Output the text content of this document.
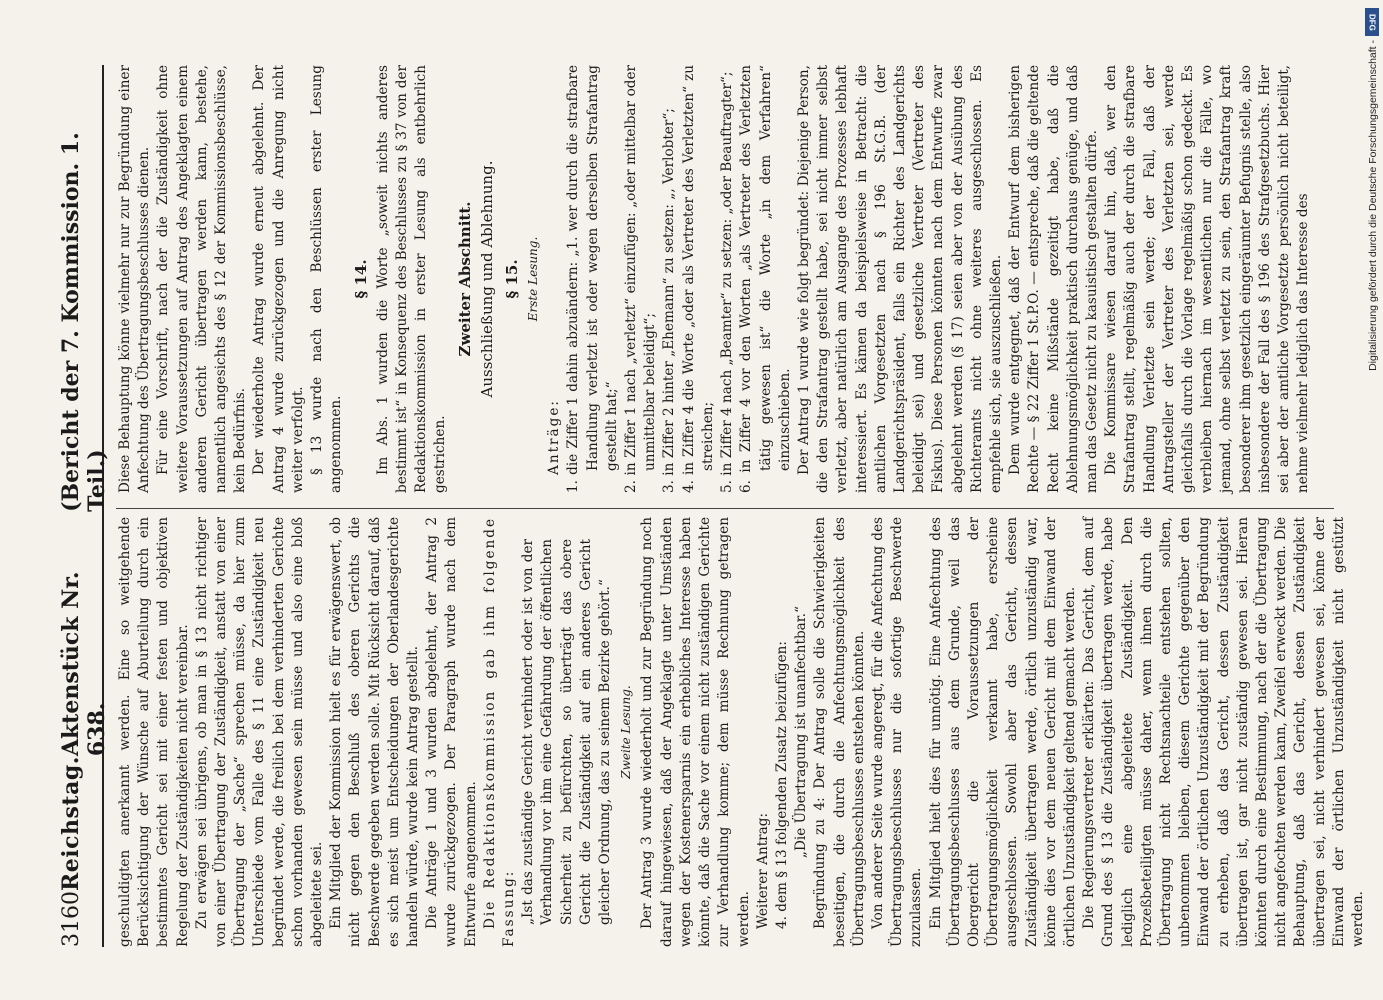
3160
Reichstag.
Aktenstück Nr. 638.
(Bericht der 7. Kommission. 1. Teil.)

geschuldigten anerkannt werden. Eine so weitgehende Berücksichtigung der Wünsche auf Aburteilung durch ein bestimmtes Gericht sei mit einer festen und objektiven Regelung der Zuständigkeiten nicht vereinbar. Zu erwägen sei übrigens, ob man in § 13 nicht richtiger von einer Übertragung der Zuständigkeit, anstatt von einer Übertragung der „Sache“ sprechen müsse, da hier zum Unterschiede vom Falle des § 11 eine Zuständigkeit neu begründet werde, die freilich bei dem verhinderten Gerichte schon vorhanden gewesen sein müsse und also eine bloß abgeleitete sei. Ein Mitglied der Kommission hielt es für erwägenswert, ob nicht gegen den Beschluß des oberen Gerichts die Beschwerde gegeben werden solle. Mit Rücksicht darauf, daß es sich meist um Entscheidungen der Oberlandesgerichte handeln würde, wurde kein Antrag gestellt. Die Anträge 1 und 3 wurden abgelehnt, der Antrag 2 wurde zurückgezogen. Der Paragraph wurde nach dem Entwurfe angenommen. Die Redaktionskommission gab ihm folgende Fassung: „Ist das zuständige Gericht verhindert oder ist von der Verhandlung vor ihm eine Gefährdung der öffentlichen Sicherheit zu befürchten, so überträgt das obere Gericht die Zuständigkeit auf ein anderes Gericht gleicher Ordnung, das zu seinem Bezirke gehört.“ Zweite Lesung. Der Antrag 3 wurde wiederholt und zur Begründung noch darauf hingewiesen, daß der Angeklagte unter Umständen wegen der Kostenersparnis ein erhebliches Interesse haben könnte, daß die Sache vor einem nicht zuständigen Gerichte zur Verhandlung komme; dem müsse Rechnung getragen werden. Weiterer Antrag: 4. dem § 13 folgenden Zusatz beizufügen: „Die Übertragung ist unanfechtbar.“ Begründung zu 4: Der Antrag solle die Schwierigkeiten beseitigen, die durch die Anfechtungsmöglichkeit des Übertragungsbeschlusses entstehen könnten. Von anderer Seite wurde angeregt, für die Anfechtung des Übertragungsbeschlusses nur die sofortige Beschwerde zuzulassen. Ein Mitglied hielt dies für unnötig. Eine Anfechtung des Übertragungsbeschlusses aus dem Grunde, weil das Obergericht die Voraussetzungen der Übertragungsmöglichkeit verkannt habe, erscheine ausgeschlossen. Sowohl aber das Gericht, dessen Zuständigkeit übertragen werde, örtlich unzuständig war, könne dies vor dem neuen Gericht mit dem Einwand der örtlichen Unzuständigkeit geltend gemacht werden. Die Regierungsvertreter erklärten: Das Gericht, dem auf Grund des § 13 die Zuständigkeit übertragen werde, habe lediglich eine abgeleitete Zuständigkeit. Den Prozeßbeteiligten müsse daher, wenn ihnen durch die Übertragung nicht Rechtsnachteile entstehen sollten, unbenommen bleiben, diesem Gerichte gegenüber den Einwand der örtlichen Unzuständigkeit mit der Begründung zu erheben, daß das Gericht, dessen Zuständigkeit übertragen ist, gar nicht zuständig gewesen sei. Hieran könnten durch eine Bestimmung, nach der die Übertragung nicht angefochten werden kann, Zweifel erweckt werden. Die Behauptung, daß das Gericht, dessen Zuständigkeit übertragen sei, nicht verhindert gewesen sei, könne der Einwand der örtlichen Unzuständigkeit nicht gestützt werden.

Diese Behauptung könne vielmehr nur zur Begründung einer Anfechtung des Übertragungsbeschlusses dienen. Für eine Vorschrift, nach der die Zuständigkeit ohne weitere Voraussetzungen auf Antrag des Angeklagten einem anderen Gericht übertragen werden kann, bestehe, namentlich angesichts des § 12 der Kommissionsbeschlüsse, kein Bedürfnis. Der wiederholte Antrag wurde erneut abgelehnt. Der Antrag 4 wurde zurückgezogen und die Anregung nicht weiter verfolgt. § 13 wurde nach den Beschlüssen erster Lesung angenommen.

§ 14. Im Abs. 1 wurden die Worte „soweit nichts anderes bestimmt ist“ in Konsequenz des Beschlusses zu § 37 von der Redaktionskommission in erster Lesung als entbehrlich gestrichen.

Zweiter Abschnitt. Ausschließung und Ablehnung. § 15. Erste Lesung.

Anträge: 1. die Ziffer 1 dahin abzuändern: „1. wer durch die strafbare Handlung verletzt ist oder wegen derselben Strafantrag gestellt hat;“ 2. in Ziffer 1 nach „verletzt“ einzufügen: „oder mittelbar oder unmittelbar beleidigt“; 3. in Ziffer 2 hinter „Ehemann“ zu setzen: „, Verlobter“; 4. in Ziffer 4 die Worte „oder als Vertreter des Verletzten“ zu streichen; 5. in Ziffer 4 nach „Beamter“ zu setzen: „oder Beauftragter“; 6. in Ziffer 4 vor den Worten „als Vertreter des Verletzten tätig gewesen ist“ die Worte „in dem Verfahren“ einzuschieben. Der Antrag 1 wurde wie folgt begründet: Diejenige Person, die den Strafantrag gestellt habe, sei nicht immer selbst verletzt, aber natürlich am Ausgange des Prozesses lebhaft interessiert. Es kämen da beispielsweise in Betracht: die amtlichen Vorgesetzten nach § 196 St.G.B. (der Landgerichtspräsident, falls ein Richter des Landgerichts beleidigt sei) und gesetzliche Vertreter (Vertreter des Fiskus). Diese Personen könnten nach dem Entwurfe zwar abgelehnt werden (§ 17) seien aber von der Ausübung des Richteramts nicht ohne weiteres ausgeschlossen. Es empfehle sich, sie auszuschließen. Dem wurde entgegnet, daß der Entwurf dem bisherigen Rechte — § 22 Ziffer 1 St.P.O. — entspreche, daß die geltende Recht keine Mißstände gezeitigt habe, daß die Ablehnungsmöglichkeit praktisch durchaus genüge, und daß man das Gesetz nicht zu kasuistisch gestalten dürfe. Die Kommissare wiesen darauf hin, daß, wer den Strafantrag stellt, regelmäßig auch der durch die strafbare Handlung Verletzte sein werde; der Fall, daß der Antragsteller der Vertreter des Verletzten sei, werde gleichfalls durch die Vorlage regelmäßig schon gedeckt. Es verbleiben hiernach im wesentlichen nur die Fälle, wo jemand, ohne selbst verletzt zu sein, den Strafantrag kraft besonderer ihm gesetzlich eingeräumter Befugnis stelle, also insbesondere der Fall des § 196 des Strafgesetzbuchs. Hier sei aber der amtliche Vorgesetzte persönlich nicht beteiligt, nehme vielmehr lediglich das Interesse des	Digitalisierung gefördert durch die Deutsche Forschungsgemeinschaft -
DFG
